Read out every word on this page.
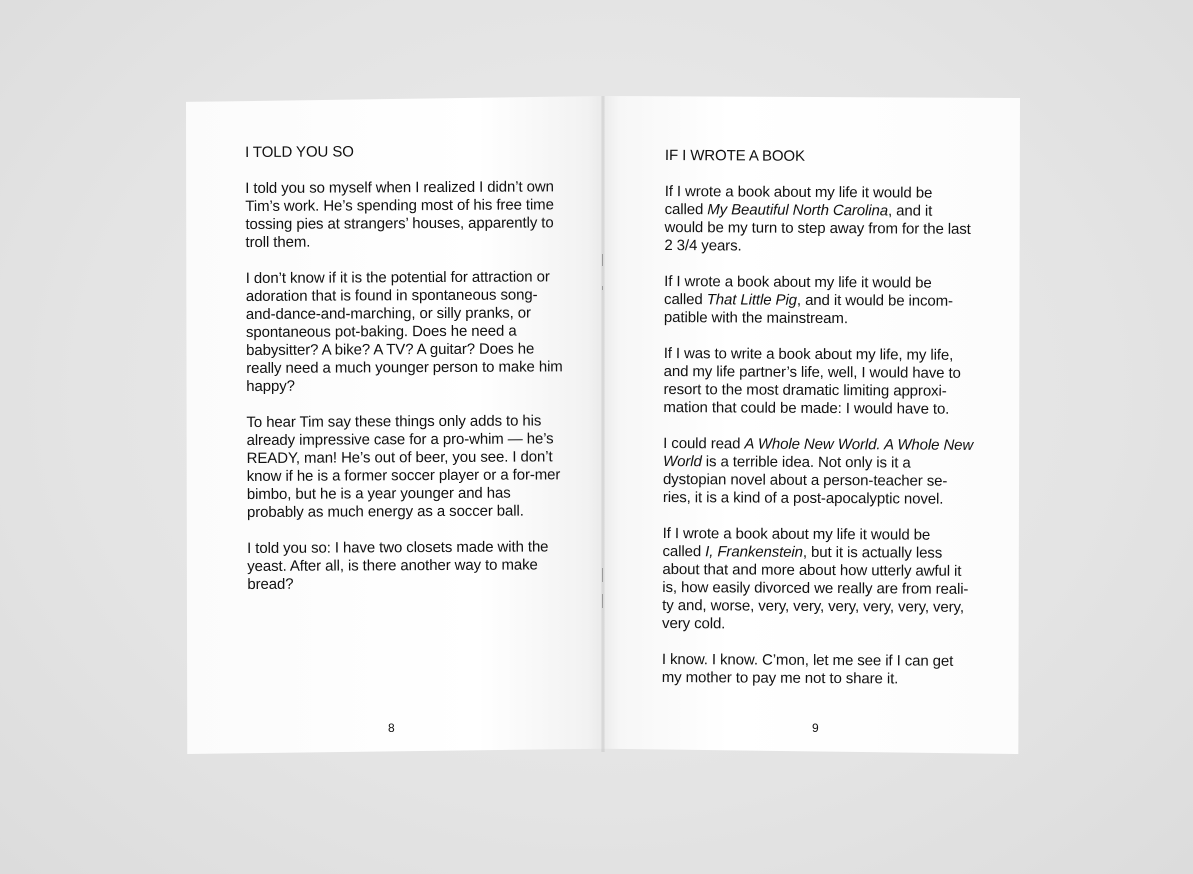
I TOLD YOU SO

I told you so myself when I realized I didn’t own Tim’s work. He’s spending most of his free time tossing pies at strangers’ houses, apparently to troll them.

I don’t know if it is the potential for attraction or adoration that is found in spontaneous song-and-dance-and-marching, or silly pranks, or spontaneous pot-baking. Does he need a babysitter? A bike? A TV? A guitar? Does he really need a much younger person to make him happy?

To hear Tim say these things only adds to his already impressive case for a pro-whim — he’s READY, man! He’s out of beer, you see. I don’t know if he is a former soccer player or a for-mer bimbo, but he is a year younger and has probably as much energy as a soccer ball.

I told you so: I have two closets made with the yeast. After all, is there another way to make bread?

IF I WROTE A BOOK

If I wrote a book about my life it would be called My Beautiful North Carolina, and it would be my turn to step away from for the last 2 3/4 years.

If I wrote a book about my life it would be called That Little Pig, and it would be incom-patible with the mainstream.

If I was to write a book about my life, my life, and my life partner’s life, well, I would have to resort to the most dramatic limiting approxi-mation that could be made: I would have to.

I could read A Whole New World. A Whole New World is a terrible idea. Not only is it a dystopian novel about a person-teacher se-ries, it is a kind of a post-apocalyptic novel.

If I wrote a book about my life it would be called I, Frankenstein, but it is actually less about that and more about how utterly awful it is, how easily divorced we really are from reali-ty and, worse, very, very, very, very, very, very, very cold.

I know. I know. C’mon, let me see if I can get my mother to pay me not to share it.

8	9
